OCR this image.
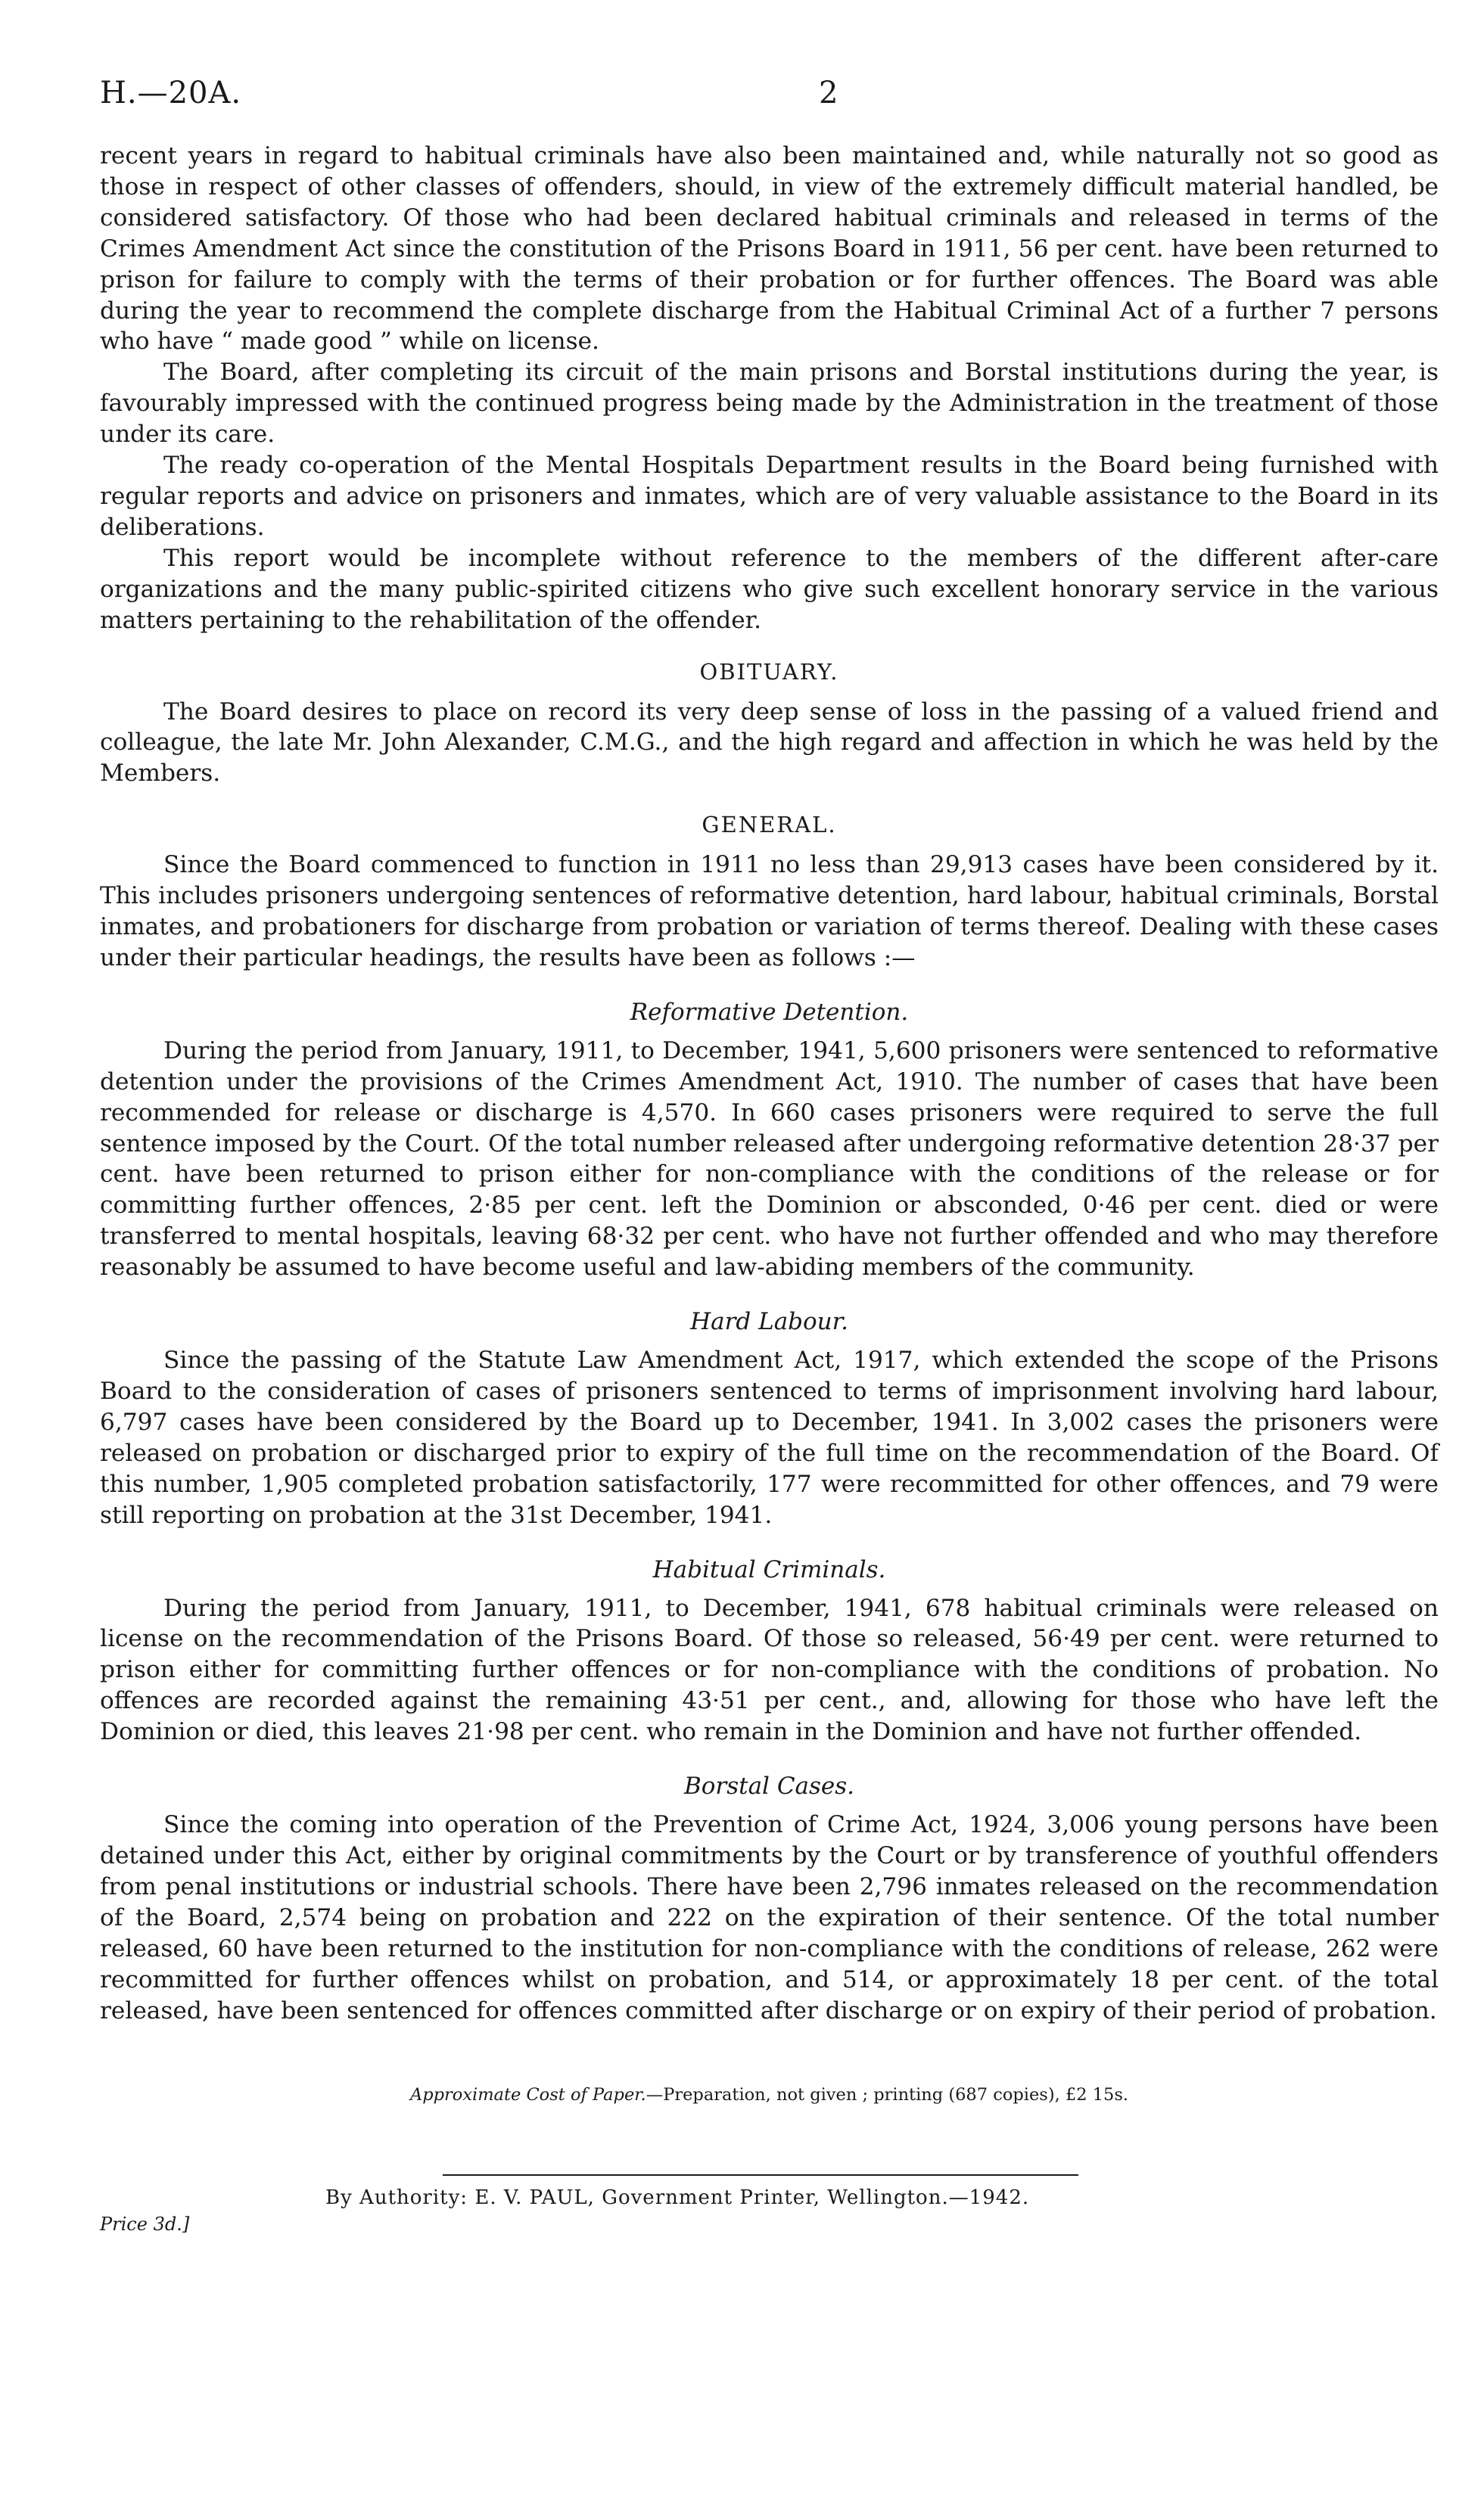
H.—20A.	2

recent years in regard to habitual criminals have also been maintained and, while naturally not so good as those in respect of other classes of offenders, should, in view of the extremely difficult material handled, be considered satisfactory. Of those who had been declared habitual criminals and released in terms of the Crimes Amendment Act since the constitution of the Prisons Board in 1911, 56 per cent. have been returned to prison for failure to comply with the terms of their probation or for further offences. The Board was able during the year to recommend the complete discharge from the Habitual Criminal Act of a further 7 persons who have “ made good ” while on license.

The Board, after completing its circuit of the main prisons and Borstal institutions during the year, is favourably impressed with the continued progress being made by the Administration in the treatment of those under its care.

The ready co-operation of the Mental Hospitals Department results in the Board being furnished with regular reports and advice on prisoners and inmates, which are of very valuable assistance to the Board in its deliberations.

This report would be incomplete without reference to the members of the different after-care organizations and the many public-spirited citizens who give such excellent honorary service in the various matters pertaining to the rehabilitation of the offender.

OBITUARY.

The Board desires to place on record its very deep sense of loss in the passing of a valued friend and colleague, the late Mr. John Alexander, C.M.G., and the high regard and affection in which he was held by the Members.

GENERAL.

Since the Board commenced to function in 1911 no less than 29,913 cases have been considered by it. This includes prisoners undergoing sentences of reformative detention, hard labour, habitual criminals, Borstal inmates, and probationers for discharge from probation or variation of terms thereof. Dealing with these cases under their particular headings, the results have been as follows :—

Reformative Detention.

During the period from January, 1911, to December, 1941, 5,600 prisoners were sentenced to reformative detention under the provisions of the Crimes Amendment Act, 1910. The number of cases that have been recommended for release or discharge is 4,570. In 660 cases prisoners were required to serve the full sentence imposed by the Court. Of the total number released after undergoing reformative detention 28·37 per cent. have been returned to prison either for non-compliance with the conditions of the release or for committing further offences, 2·85 per cent. left the Dominion or absconded, 0·46 per cent. died or were transferred to mental hospitals, leaving 68·32 per cent. who have not further offended and who may therefore reasonably be assumed to have become useful and law-abiding members of the community.

Hard Labour.

Since the passing of the Statute Law Amendment Act, 1917, which extended the scope of the Prisons Board to the consideration of cases of prisoners sentenced to terms of imprisonment involving hard labour, 6,797 cases have been considered by the Board up to December, 1941. In 3,002 cases the prisoners were released on probation or discharged prior to expiry of the full time on the recommendation of the Board. Of this number, 1,905 completed probation satisfactorily, 177 were recommitted for other offences, and 79 were still reporting on probation at the 31st December, 1941.

Habitual Criminals.

During the period from January, 1911, to December, 1941, 678 habitual criminals were released on license on the recommendation of the Prisons Board. Of those so released, 56·49 per cent. were returned to prison either for committing further offences or for non-compliance with the conditions of probation. No offences are recorded against the remaining 43·51 per cent., and, allowing for those who have left the Dominion or died, this leaves 21·98 per cent. who remain in the Dominion and have not further offended.

Borstal Cases.

Since the coming into operation of the Prevention of Crime Act, 1924, 3,006 young persons have been detained under this Act, either by original commitments by the Court or by transference of youthful offenders from penal institutions or industrial schools. There have been 2,796 inmates released on the recommendation of the Board, 2,574 being on probation and 222 on the expiration of their sentence. Of the total number released, 60 have been returned to the institution for non-compliance with the conditions of release, 262 were recommitted for further offences whilst on probation, and 514, or approximately 18 per cent. of the total released, have been sentenced for offences committed after discharge or on expiry of their period of probation.

Approximate Cost of Paper.—Preparation, not given ; printing (687 copies), £2 15s.
By Authority: E. V. PAUL, Government Printer, Wellington.—1942.
Price 3d.]
